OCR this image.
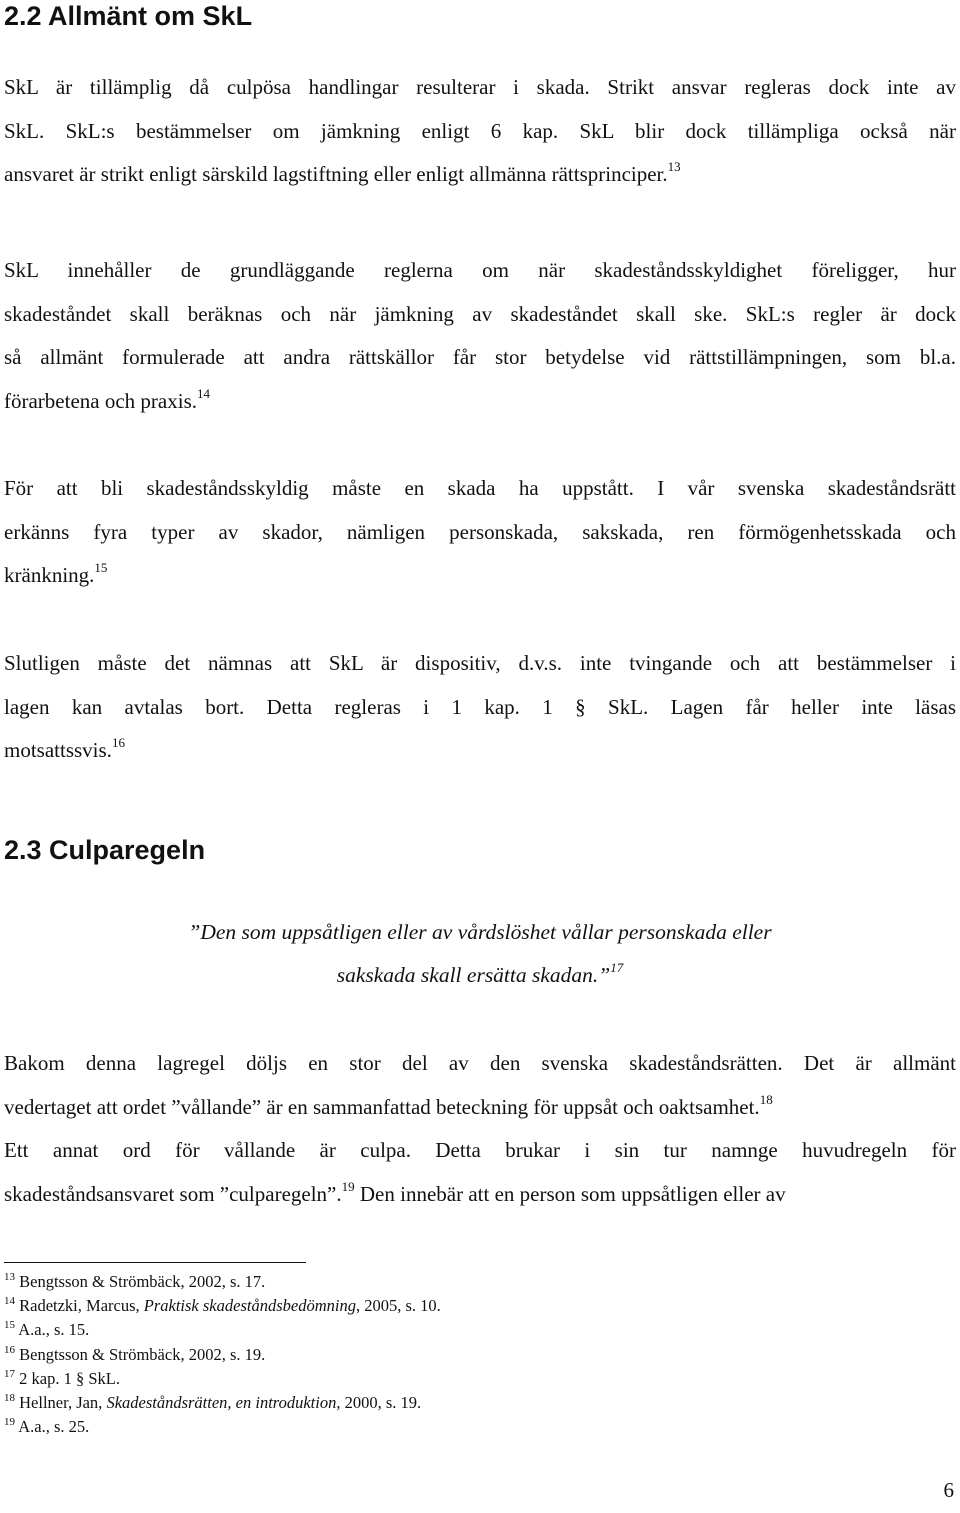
2.2 Allmänt om SkL

SkL är tillämplig då culpösa handlingar resulterar i skada. Strikt ansvar regleras dock inte av
SkL. SkL:s bestämmelser om jämkning enligt 6 kap. SkL blir dock tillämpliga också när
ansvaret är strikt enligt särskild lagstiftning eller enligt allmänna rättsprinciper.$^{13}$

SkL innehåller de grundläggande reglerna om när skadeståndsskyldighet föreligger, hur
skadeståndet skall beräknas och när jämkning av skadeståndet skall ske. SkL:s regler är dock
så allmänt formulerade att andra rättskällor får stor betydelse vid rättstillämpningen, som bl.a.
förarbetena och praxis.$^{14}$

För att bli skadeståndsskyldig måste en skada ha uppstått. I vår svenska skadeståndsrätt
erkänns fyra typer av skador, nämligen personskada, sakskada, ren förmögenhetsskada och
kränkning.$^{15}$

Slutligen måste det nämnas att SkL är dispositiv, d.v.s. inte tvingande och att bestämmelser i
lagen kan avtalas bort. Detta regleras i 1 kap. 1 § SkL. Lagen får heller inte läsas
motsattssvis.$^{16}$

2.3 Culparegeln
”Den som uppsåtligen eller av vårdslöshet vållar personskada eller
sakskada skall ersätta skadan.”$^{17}$

Bakom denna lagregel döljs en stor del av den svenska skadeståndsrätten. Det är allmänt
vedertaget att ordet ”vållande” är en sammanfattad beteckning för uppsåt och oaktsamhet.$^{18}$
Ett annat ord för vållande är culpa. Detta brukar i sin tur namnge huvudregeln för
skadeståndsansvaret som ”culparegeln”.$^{19}$ Den innebär att en person som uppsåtligen eller av

$^{13}$ Bengtsson & Strömbäck, 2002, s. 17.
$^{14}$ Radetzki, Marcus, Praktisk skadeståndsbedömning, 2005, s. 10.
$^{15}$ A.a., s. 15.
$^{16}$ Bengtsson & Strömbäck, 2002, s. 19.
$^{17}$ 2 kap. 1 § SkL.
$^{18}$ Hellner, Jan, Skadeståndsrätten, en introduktion, 2000, s. 19.
$^{19}$ A.a., s. 25.
6
